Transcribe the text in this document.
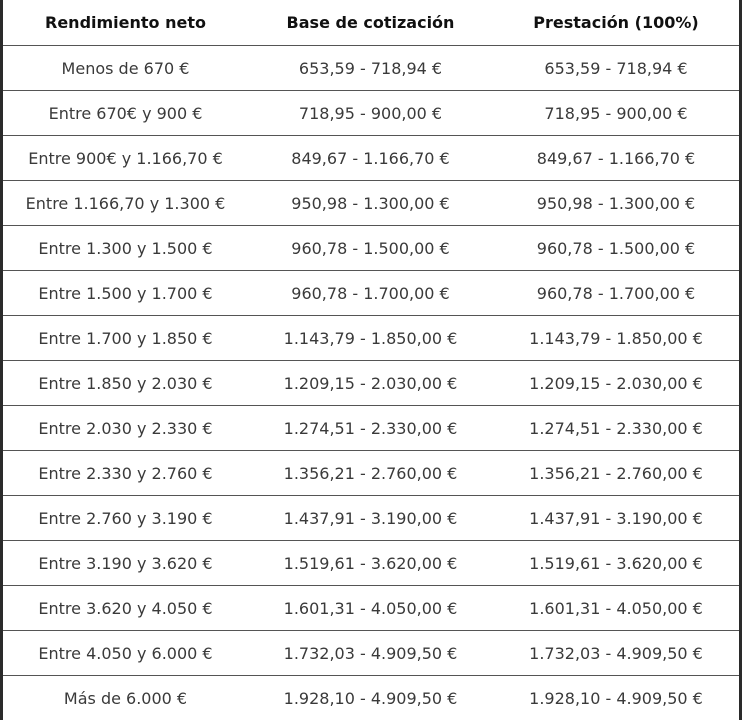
Rendimiento neto	Base de cotización	Prestación (100%)
Menos de 670 €	653,59 - 718,94 €	653,59 - 718,94 €
Entre 670€ y 900 €	718,95 - 900,00 €	718,95 - 900,00 €
Entre 900€ y 1.166,70 €	849,67 - 1.166,70 €	849,67 - 1.166,70 €
Entre 1.166,70 y 1.300 €	950,98 - 1.300,00 €	950,98 - 1.300,00 €
Entre 1.300 y 1.500 €	960,78 - 1.500,00 €	960,78 - 1.500,00 €
Entre 1.500 y 1.700 €	960,78 - 1.700,00 €	960,78 - 1.700,00 €
Entre 1.700 y 1.850 €	1.143,79 - 1.850,00 €	1.143,79 - 1.850,00 €
Entre 1.850 y 2.030 €	1.209,15 - 2.030,00 €	1.209,15 - 2.030,00 €
Entre 2.030 y 2.330 €	1.274,51 - 2.330,00 €	1.274,51 - 2.330,00 €
Entre 2.330 y 2.760 €	1.356,21 - 2.760,00 €	1.356,21 - 2.760,00 €
Entre 2.760 y 3.190 €	1.437,91 - 3.190,00 €	1.437,91 - 3.190,00 €
Entre 3.190 y 3.620 €	1.519,61 - 3.620,00 €	1.519,61 - 3.620,00 €
Entre 3.620 y 4.050 €	1.601,31 - 4.050,00 €	1.601,31 - 4.050,00 €
Entre 4.050 y 6.000 €	1.732,03 - 4.909,50 €	1.732,03 - 4.909,50 €
Más de 6.000 €	1.928,10 - 4.909,50 €	1.928,10 - 4.909,50 €
